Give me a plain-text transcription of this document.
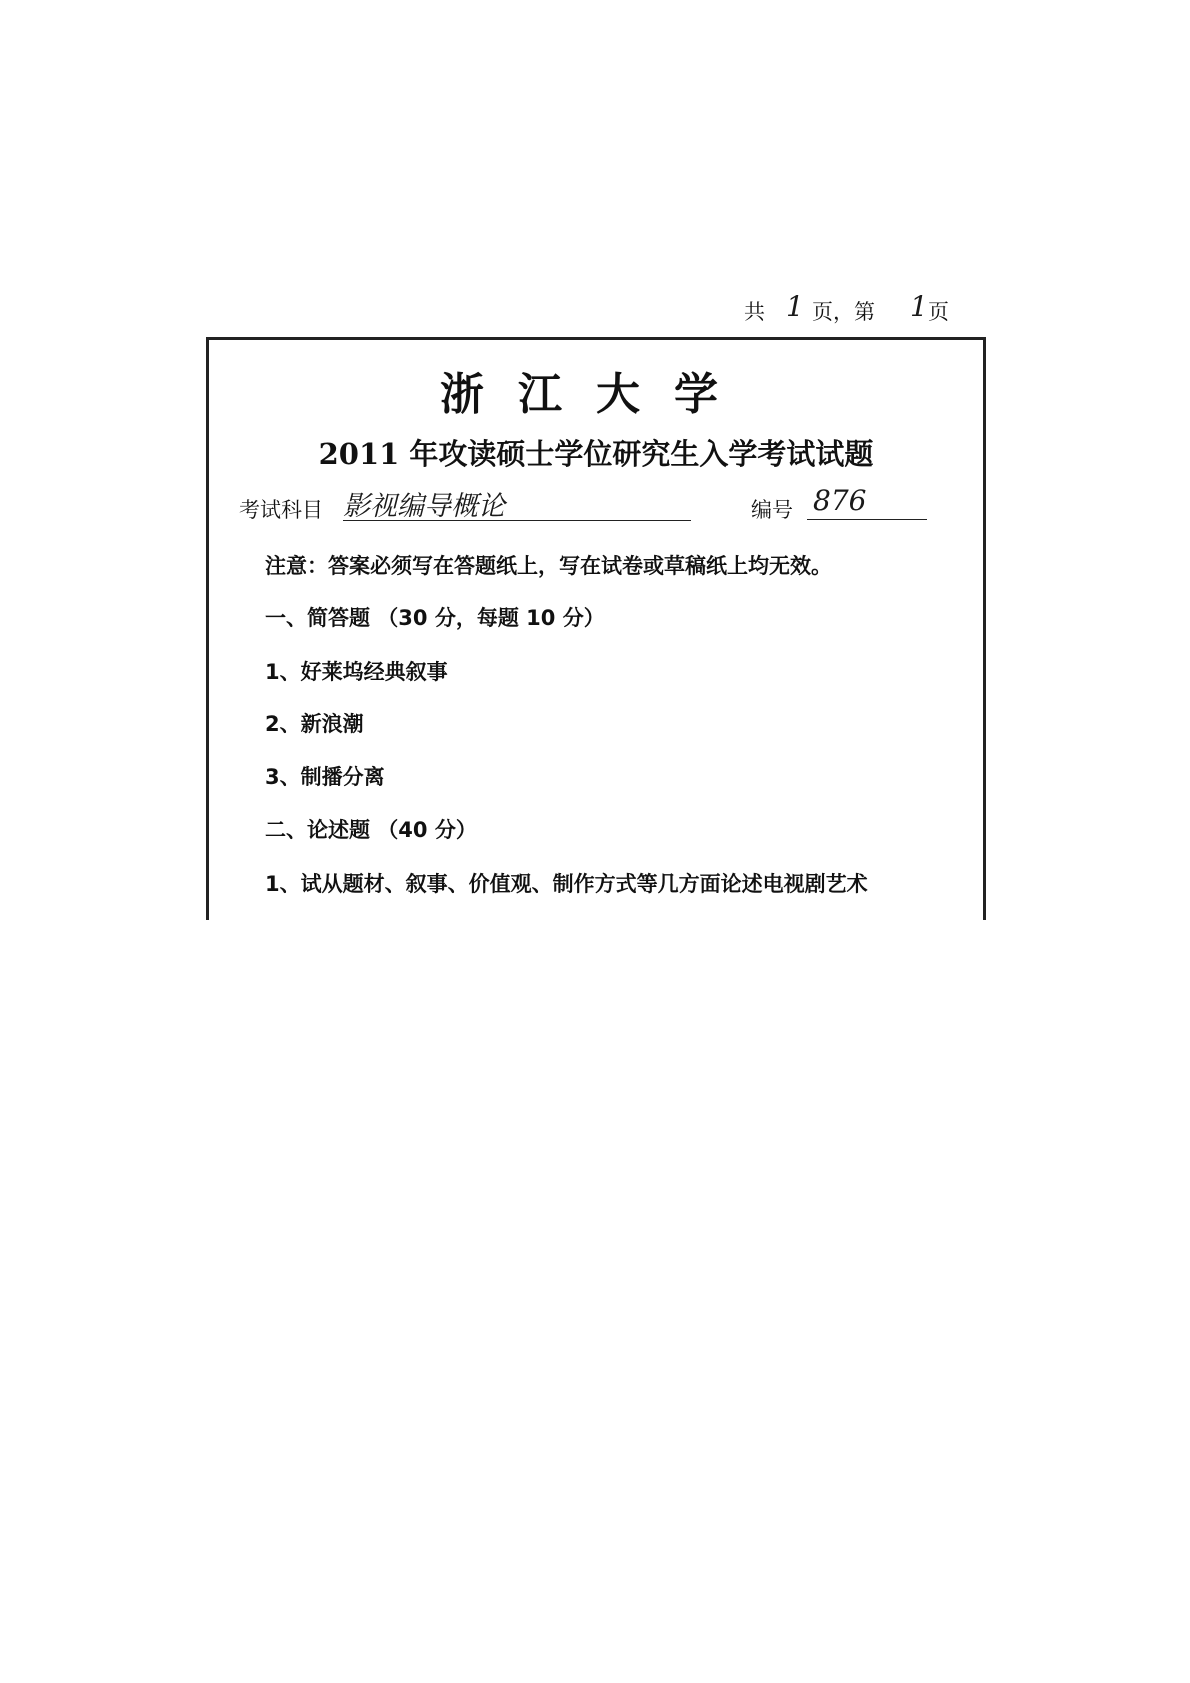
共 1 页，第 1 页
浙江大学
2011 年攻读硕士学位研究生入学考试试题
考试科目 影视编导概论	编号 876
注意：答案必须写在答题纸上，写在试卷或草稿纸上均无效。
一、简答题 （30 分，每题 10 分）
1、好莱坞经典叙事
2、新浪潮
3、制播分离
二、论述题 （40 分）
1、试从题材、叙事、价值观、制作方式等几方面论述电视剧艺术
